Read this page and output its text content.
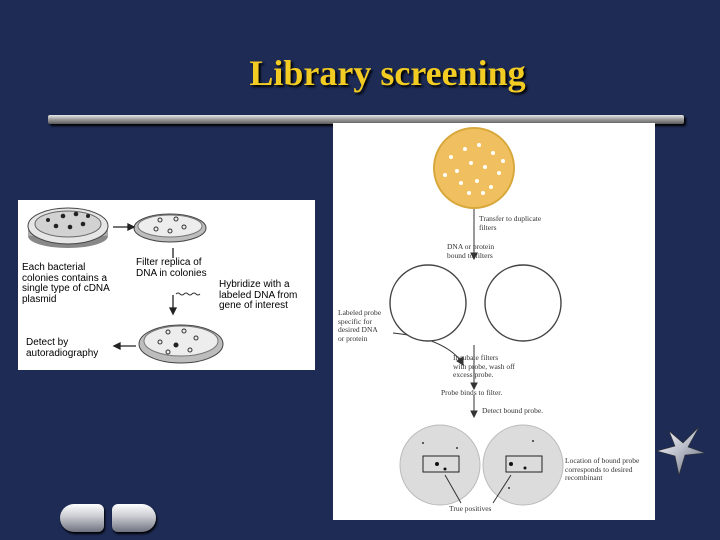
Library screening
Filter replica of
DNA in colonies
Each bacterial
colonies contains a
single type of cDNA
plasmid
Hybridize with a
labeled DNA from
gene of interest
Detect by
autoradiography
Transfer to duplicate
filters
DNA or protein
bound to filters
Labeled probe
specific for
desired DNA
or protein
Incubate filters
with probe, wash off
excess probe.
Probe binds to filter.
Detect bound probe.
Location of bound probe
corresponds to desired
recombinant
True positives
